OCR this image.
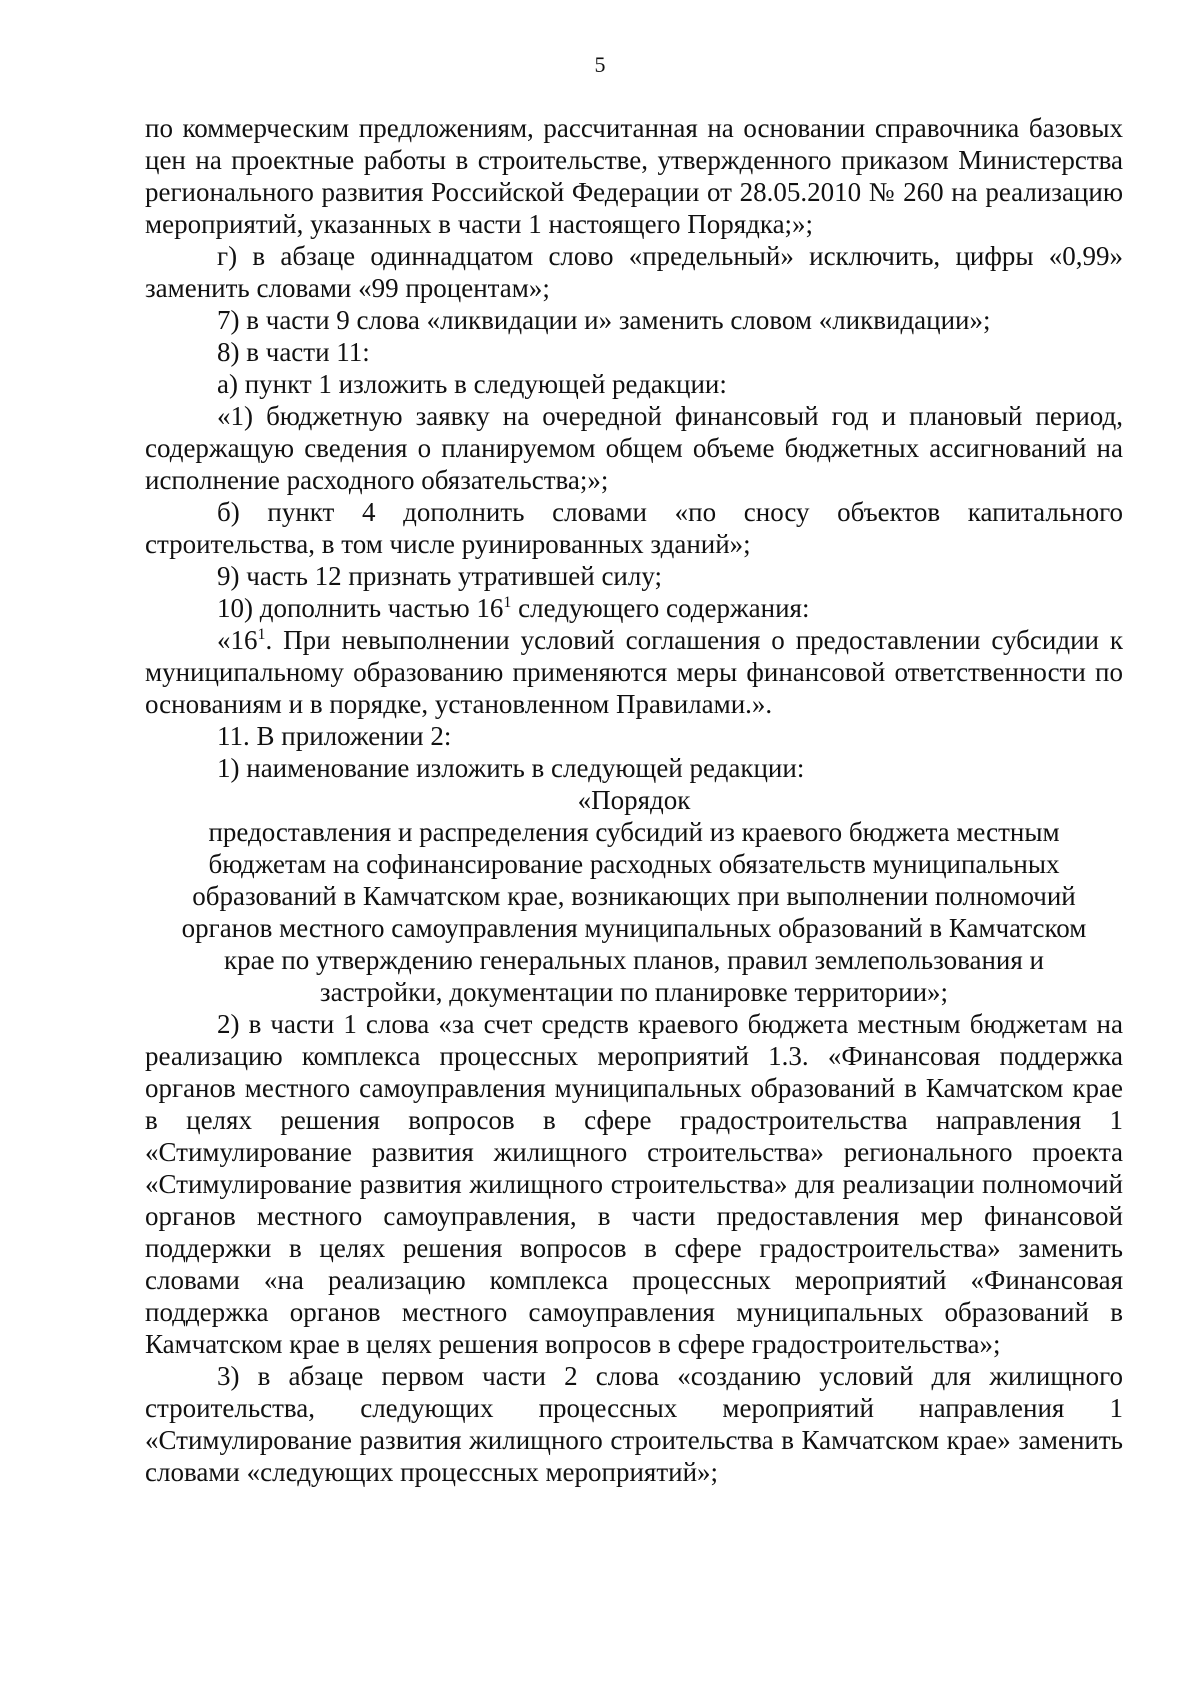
5

по коммерческим предложениям, рассчитанная на основании справочника базовых цен на проектные работы в строительстве, утвержденного приказом Министерства регионального развития Российской Федерации от 28.05.2010 № 260 на реализацию мероприятий, указанных в части 1 настоящего Порядка;»;

г) в абзаце одиннадцатом слово «предельный» исключить, цифры «0,99» заменить словами «99 процентам»;

7) в части 9 слова «ликвидации и» заменить словом «ликвидации»;

8) в части 11:

а) пункт 1 изложить в следующей редакции:

«1) бюджетную заявку на очередной финансовый год и плановый период, содержащую сведения о планируемом общем объеме бюджетных ассигнований на исполнение расходного обязательства;»;

б) пункт 4 дополнить словами «по сносу объектов капитального строительства, в том числе руинированных зданий»;

9) часть 12 признать утратившей силу;

10) дополнить частью $16^1$ следующего содержания:

«$16^1$. При невыполнении условий соглашения о предоставлении субсидии к муниципальному образованию применяются меры финансовой ответственности по основаниям и в порядке, установленном Правилами.».

11. В приложении 2:

1) наименование изложить в следующей редакции:

«Порядок
предоставления и распределения субсидий из краевого бюджета местным
бюджетам на софинансирование расходных обязательств муниципальных
образований в Камчатском крае, возникающих при выполнении полномочий
органов местного самоуправления муниципальных образований в Камчатском
крае по утверждению генеральных планов, правил землепользования и
застройки, документации по планировке территории»;

2) в части 1 слова «за счет средств краевого бюджета местным бюджетам на реализацию комплекса процессных мероприятий 1.3. «Финансовая поддержка органов местного самоуправления муниципальных образований в Камчатском крае в целях решения вопросов в сфере градостроительства направления 1 «Стимулирование развития жилищного строительства» регионального проекта «Стимулирование развития жилищного строительства» для реализации полномочий органов местного самоуправления, в части предоставления мер финансовой поддержки в целях решения вопросов в сфере градостроительства» заменить словами «на реализацию комплекса процессных мероприятий «Финансовая поддержка органов местного самоуправления муниципальных образований в Камчатском крае в целях решения вопросов в сфере градостроительства»;

3) в абзаце первом части 2 слова «созданию условий для жилищного строительства, следующих процессных мероприятий направления 1 «Стимулирование развития жилищного строительства в Камчатском крае» заменить словами «следующих процессных мероприятий»;
